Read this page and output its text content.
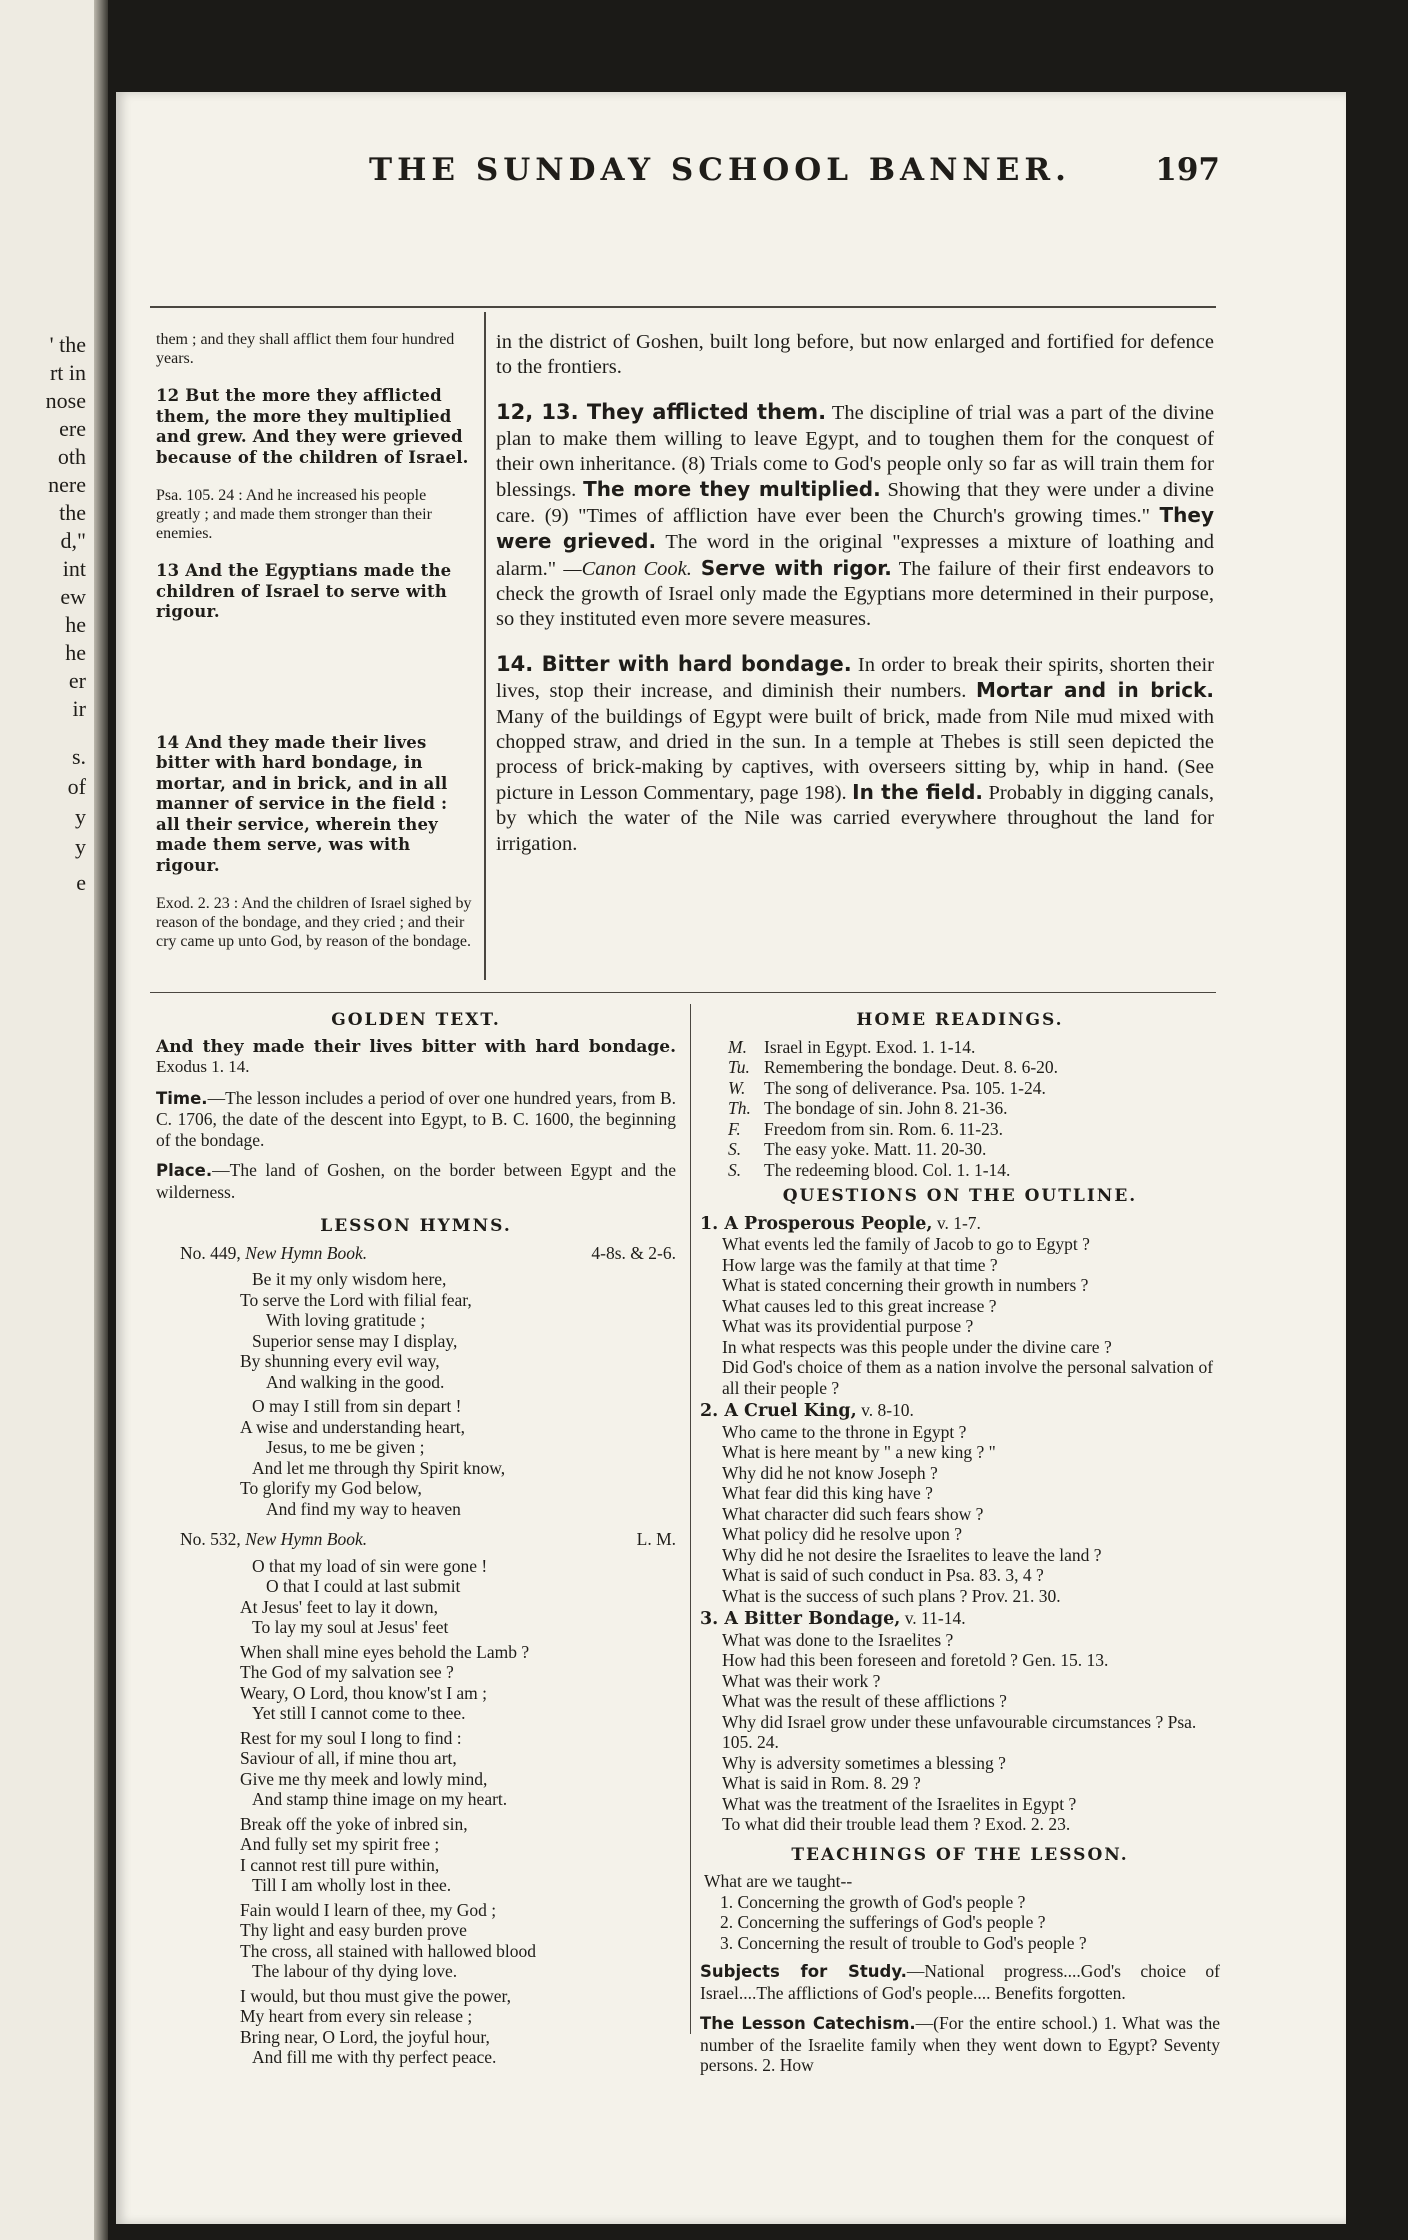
' the
rt in
nose
ere
oth
nere
the
d,"
int
ew
he
he
er
ir
s.
of
y
y
e
THE SUNDAY SCHOOL BANNER.	197

them ; and they shall afflict them four hundred years.

12 But the more they afflicted them, the more they multiplied and grew. And they were grieved because of the children of Israel.

Psa. 105. 24 : And he increased his people greatly ; and made them stronger than their enemies.

13 And the Egyptians made the children of Israel to serve with rigour.

14 And they made their lives bitter with hard bondage, in mortar, and in brick, and in all manner of service in the field : all their service, wherein they made them serve, was with rigour.

Exod. 2. 23 : And the children of Israel sighed by reason of the bondage, and they cried ; and their cry came up unto God, by reason of the bondage.

in the district of Goshen, built long before, but now enlarged and fortified for defence to the frontiers.

12, 13. They afflicted them. The discipline of trial was a part of the divine plan to make them willing to leave Egypt, and to toughen them for the conquest of their own inheritance. (8) Trials come to God's people only so far as will train them for blessings. The more they multiplied. Showing that they were under a divine care. (9) "Times of affliction have ever been the Church's growing times." They were grieved. The word in the original "expresses a mixture of loathing and alarm." —Canon Cook. Serve with rigor. The failure of their first endeavors to check the growth of Israel only made the Egyptians more determined in their purpose, so they instituted even more severe measures.

14. Bitter with hard bondage. In order to break their spirits, shorten their lives, stop their increase, and diminish their numbers. Mortar and in brick. Many of the buildings of Egypt were built of brick, made from Nile mud mixed with chopped straw, and dried in the sun. In a temple at Thebes is still seen depicted the process of brick-making by captives, with overseers sitting by, whip in hand. (See picture in Lesson Commentary, page 198). In the field. Probably in digging canals, by which the water of the Nile was carried everywhere throughout the land for irrigation.

GOLDEN TEXT.
And they made their lives bitter with hard bondage. Exodus 1. 14.
Time.—The lesson includes a period of over one hundred years, from B. C. 1706, the date of the descent into Egypt, to B. C. 1600, the beginning of the bondage.
Place.—The land of Goshen, on the border between Egypt and the wilderness.
LESSON HYMNS.
No. 449, New Hymn Book.	4-8s. & 2-6.
Be it my only wisdom here,
To serve the Lord with filial fear,
With loving gratitude ;
Superior sense may I display,
By shunning every evil way,
And walking in the good.
O may I still from sin depart !
A wise and understanding heart,
Jesus, to me be given ;
And let me through thy Spirit know,
To glorify my God below,
And find my way to heaven
No. 532, New Hymn Book.	L. M.
O that my load of sin were gone !
O that I could at last submit
At Jesus' feet to lay it down,
To lay my soul at Jesus' feet
When shall mine eyes behold the Lamb ?
The God of my salvation see ?
Weary, O Lord, thou know'st I am ;
Yet still I cannot come to thee.
Rest for my soul I long to find :
Saviour of all, if mine thou art,
Give me thy meek and lowly mind,
And stamp thine image on my heart.
Break off the yoke of inbred sin,
And fully set my spirit free ;
I cannot rest till pure within,
Till I am wholly lost in thee.
Fain would I learn of thee, my God ;
Thy light and easy burden prove
The cross, all stained with hallowed blood
The labour of thy dying love.
I would, but thou must give the power,
My heart from every sin release ;
Bring near, O Lord, the joyful hour,
And fill me with thy perfect peace.
HOME READINGS.
M. Israel in Egypt. Exod. 1. 1-14.
Tu. Remembering the bondage. Deut. 8. 6-20.
W.	The song of deliverance. Psa. 105. 1-24.
Th. The bondage of sin. John 8. 21-36.
F.	Freedom from sin. Rom. 6. 11-23.
S.	The easy yoke. Matt. 11. 20-30.
S.	The redeeming blood. Col. 1. 1-14.
QUESTIONS ON THE OUTLINE.
1. A Prosperous People, v. 1-7.
What events led the family of Jacob to go to Egypt ?
How large was the family at that time ?
What is stated concerning their growth in numbers ?
What causes led to this great increase ?
What was its providential purpose ?
In what respects was this people under the divine care ?
Did God's choice of them as a nation involve the personal salvation of all their people ?
2. A Cruel King, v. 8-10.
Who came to the throne in Egypt ?
What is here meant by " a new king ? "
Why did he not know Joseph ?
What fear did this king have ?
What character did such fears show ?
What policy did he resolve upon ?
Why did he not desire the Israelites to leave the land ?
What is said of such conduct in Psa. 83. 3, 4 ?
What is the success of such plans ? Prov. 21. 30.
3. A Bitter Bondage, v. 11-14.
What was done to the Israelites ?
How had this been foreseen and foretold ? Gen. 15. 13.
What was their work ?
What was the result of these afflictions ?
Why did Israel grow under these unfavourable circumstances ? Psa. 105. 24.
Why is adversity sometimes a blessing ?
What is said in Rom. 8. 29 ?
What was the treatment of the Israelites in Egypt ?
To what did their trouble lead them ? Exod. 2. 23.
TEACHINGS OF THE LESSON.
What are we taught--
1. Concerning the growth of God's people ?
2. Concerning the sufferings of God's people ?
3. Concerning the result of trouble to God's people ?
Subjects for Study.—National progress....God's choice of Israel....The afflictions of God's people.... Benefits forgotten.
The Lesson Catechism.—(For the entire school.) 1. What was the number of the Israelite family when they went down to Egypt? Seventy persons. 2. How
